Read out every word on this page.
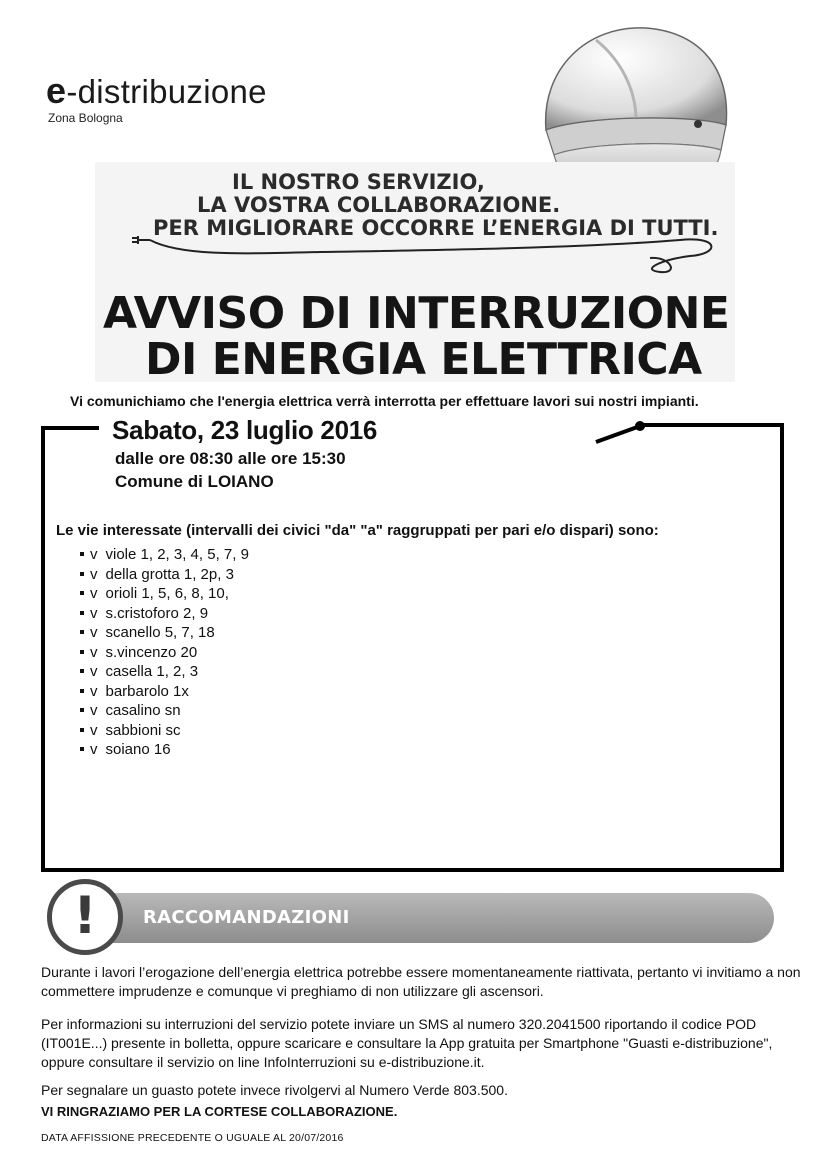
e-distribuzione
Zona Bologna
IL NOSTRO SERVIZIO,
LA VOSTRA COLLABORAZIONE.
PER MIGLIORARE OCCORRE L’ENERGIA DI TUTTI.
AVVISO DI INTERRUZIONE
DI ENERGIA ELETTRICA
Vi comunichiamo che l'energia elettrica verrà interrotta per effettuare lavori sui nostri impianti.
Sabato, 23 luglio 2016
dalle ore 08:30 alle ore 15:30
Comune di LOIANO
Le vie interessate (intervalli dei civici "da" "a" raggruppati per pari e/o dispari) sono:
v viole 1, 2, 3, 4, 5, 7, 9
v della grotta 1, 2p, 3
v orioli 1, 5, 6, 8, 10,
v s.cristoforo 2, 9
v scanello 5, 7, 18
v s.vincenzo 20
v casella 1, 2, 3
v barbarolo 1x
v casalino sn
v sabbioni sc
v soiano 16
!	RACCOMANDAZIONI
Durante i lavori l’erogazione dell’energia elettrica potrebbe essere momentaneamente riattivata, pertanto vi invitiamo a non commettere imprudenze e comunque vi preghiamo di non utilizzare gli ascensori.
Per informazioni su interruzioni del servizio potete inviare un SMS al numero 320.2041500 riportando il codice POD (IT001E...) presente in bolletta, oppure scaricare e consultare la App gratuita per Smartphone "Guasti e-distribuzione", oppure consultare il servizio on line InfoInterruzioni su e-distribuzione.it.
Per segnalare un guasto potete invece rivolgervi al Numero Verde 803.500.
VI RINGRAZIAMO PER LA CORTESE COLLABORAZIONE.
DATA AFFISSIONE PRECEDENTE O UGUALE AL 20/07/2016
